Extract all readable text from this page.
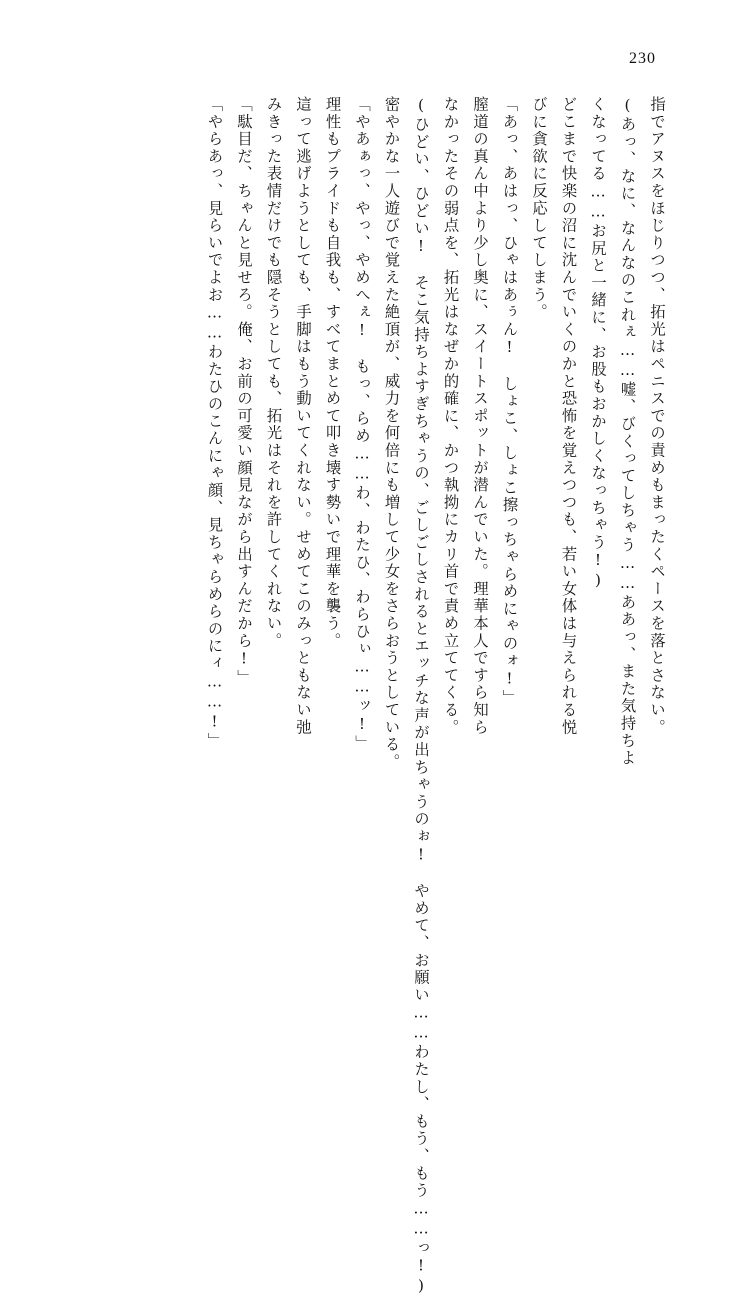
230
指でアヌスをほじりつつ、拓光はペニスでの責めもまったくペースを落とさない。
(あっ、なに、なんなのこれぇ……嘘、びくってしちゃう……ああっ、また気持ちよ
くなってる……お尻と一緒に、お股もおかしくなっちゃう!)
どこまで快楽の沼に沈んでいくのかと恐怖を覚えつつも、若い女体は与えられる悦
びに貪欲に反応してしまう。
「あっ、あはっ、ひゃはあぅん!　しょこ、しょこ擦っちゃらめにゃのォ!」
膣道の真ん中より少し奥に、スイートスポットが潜んでいた。理華本人ですら知ら
なかったその弱点を、拓光はなぜか的確に、かつ執拗にカリ首で責め立ててくる。
(ひどい、ひどい!　そこ気持ちよすぎちゃうの、ごしごしされるとエッチな声が出ちゃうのぉ!　やめて、お願い……わたし、もう、もう……っ!)
密やかな一人遊びで覚えた絶頂が、威力を何倍にも増して少女をさらおうとしている。
「やあぁっ、やっ、やめへぇ!　もっ、らめ……わ、わたひ、わらひぃ……ッ!」
理性もプライドも自我も、すべてまとめて叩き壊す勢いで理華を襲う。
這って逃げようとしても、手脚はもう動いてくれない。せめてこのみっともない弛
みきった表情だけでも隠そうとしても、拓光はそれを許してくれない。
「駄目だ、ちゃんと見せろ。俺、お前の可愛い顔見ながら出すんだから!」
「やらあっ、見らいでよお……わたひのこんにゃ顔、見ちゃらめらのにィ……!」
